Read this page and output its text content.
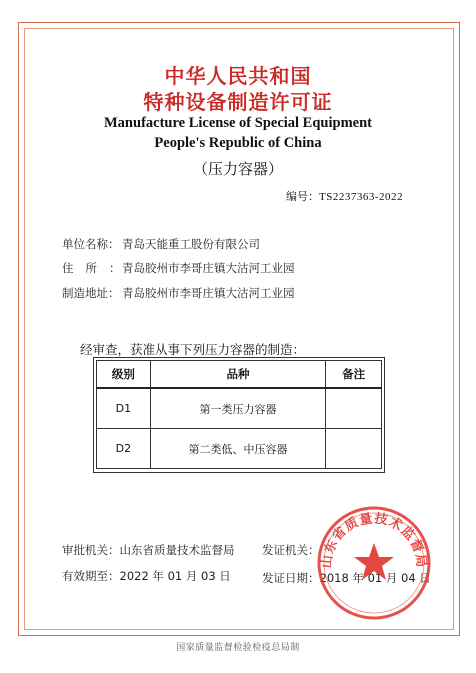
中华人民共和国
特种设备制造许可证
Manufacture License of Special Equipment
People's Republic of China
（压力容器）
编号：TS2237363-2022
单位名称： 青岛天能重工股份有限公司
住所：青岛胶州市李哥庄镇大沽河工业园
制造地址： 青岛胶州市李哥庄镇大沽河工业园
经审查，获准从事下列压力容器的制造：
级别	品种	备注
D1	第一类压力容器	
D2	第二类低、中压容器	
审批机关：山东省质量技术监督局 发证机关：
有效期至：2022 年 01 月 03 日	发证日期：2018 年 01 月 04 日
山东省质量技术监督局
国家质量监督检验检疫总局制
